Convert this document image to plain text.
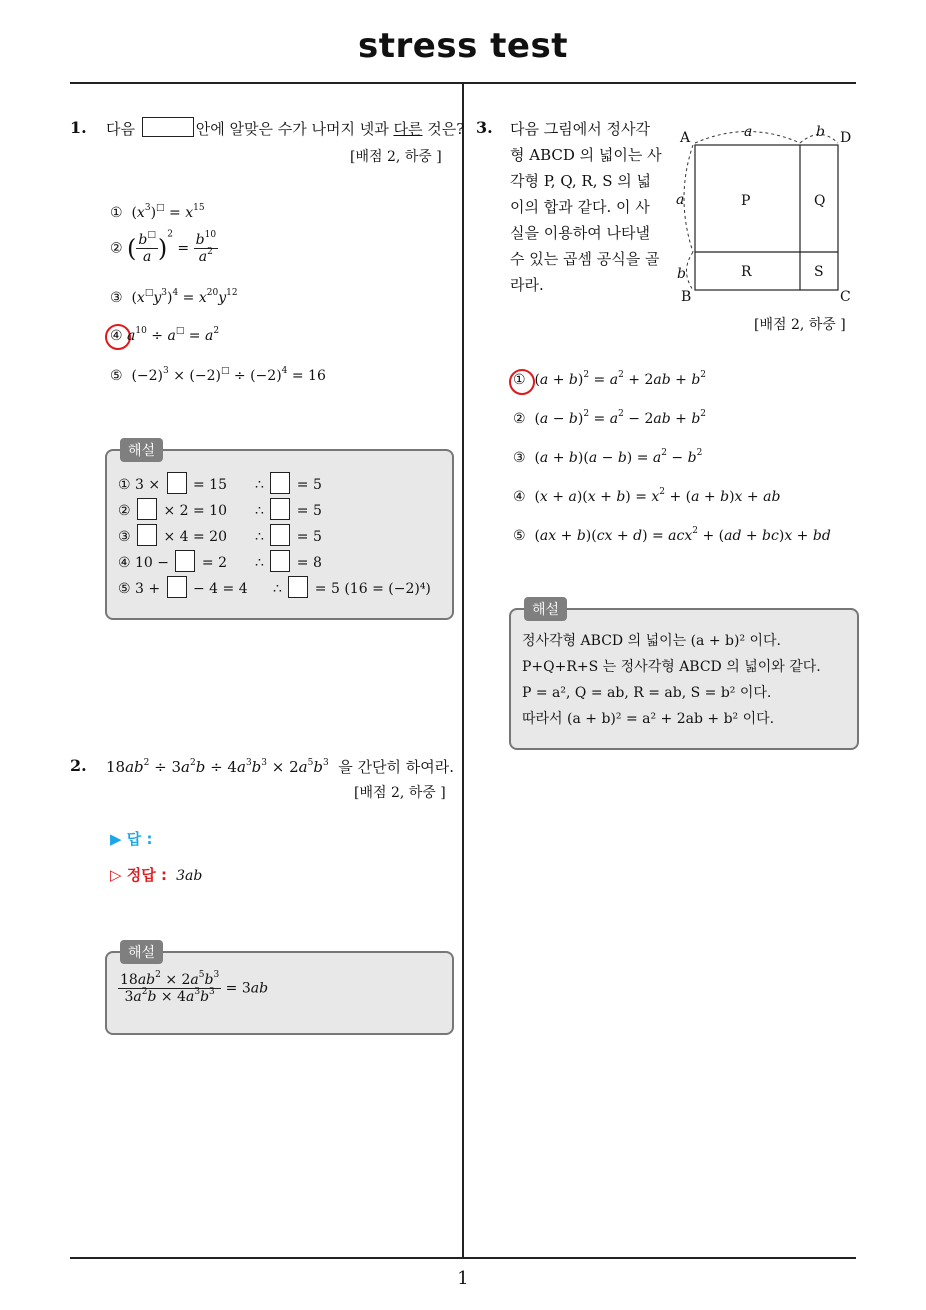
stress test
1
1. 다음	안에 알맞은 수가 나머지 넷과 다른 것은?
[배점 2, 하중 ]
①  $(x^3)^□ = x^{15}$
② ( $\frac{b^□}{a} )^2 = \frac{b^{10}}{a^2}$
③  $(x^□y^3)^4 = x^{20}y^{12}$
④ $a^{10} \div a^□ = a^2$
⑤  $(-2)^3 \times (-2)^□ \div (-2)^4 = 16$
해설
① 3 ×  = 15 ∴  = 5
②  × 2 = 10 ∴  = 5
③  × 4 = 20 ∴  = 5
④ 10 −  = 2 ∴  = 8
⑤ 3 +  − 4 = 4 ∴  = 5 (16 = (−2)⁴)
2. $18ab^2 \div 3a^2b \div 4a^3b^3 \times 2a^5b^3$  을 간단히 하여라.
[배점 2, 하중 ]
▶ 답 :
▷ 정답 : 3ab
해설
$\frac{18ab^2 \times 2a^5b^3}{3a^2b \times 4a^3b^3} = 3ab$
3. 다음 그림에서 정사각
형 ABCD 의 넓이는 사
각형 P, Q, R, S 의 넓
이의 합과 같다. 이 사
실을 이용하여 나타낼
수 있는 곱셈 공식을 골
라라.
A
B	C
D
P	Q
R	S
a	b
a
b
[배점 2, 하중 ]
①  $(a + b)^2 = a^2 + 2ab + b^2$
②  $(a - b)^2 = a^2 - 2ab + b^2$
③  $(a + b)(a - b) = a^2 - b^2$
④  $(x + a)(x + b) = x^2 + (a + b)x$ + ab
⑤  (ax + b)(cx + d) = acx$^2$ + (ad + bc)x + bd
해설
정사각형 ABCD 의 넓이는 (a + b)² 이다.
P+Q+R+S 는 정사각형 ABCD 의 넓이와 같다.
P = a², Q = ab, R = ab, S = b² 이다.
따라서 (a + b)² = a² + 2ab + b² 이다.
